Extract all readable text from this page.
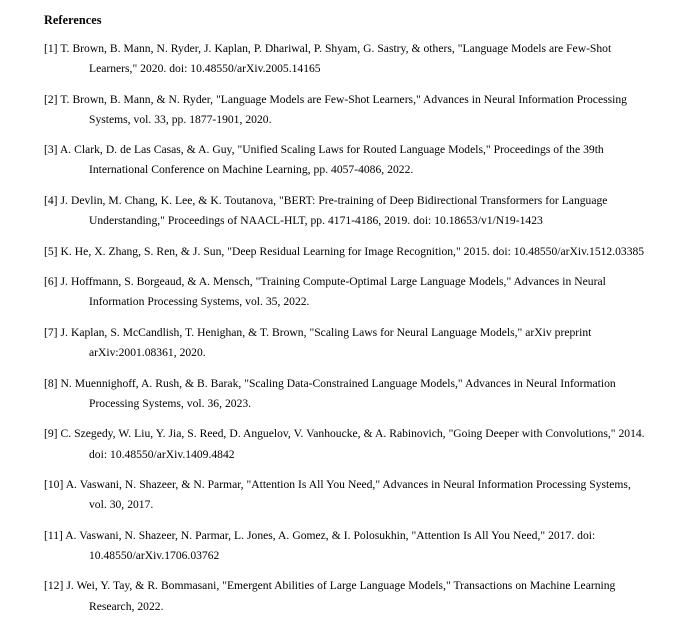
References
[1] T. Brown, B. Mann, N. Ryder, J. Kaplan, P. Dhariwal, P. Shyam, G. Sastry, & others, "Language Models are Few-Shot Learners," 2020. doi: 10.48550/arXiv.2005.14165
[2] T. Brown, B. Mann, & N. Ryder, "Language Models are Few-Shot Learners," Advances in Neural Information Processing Systems, vol. 33, pp. 1877-1901, 2020.
[3] A. Clark, D. de Las Casas, & A. Guy, "Unified Scaling Laws for Routed Language Models," Proceedings of the 39th International Conference on Machine Learning, pp. 4057-4086, 2022.
[4] J. Devlin, M. Chang, K. Lee, & K. Toutanova, "BERT: Pre-training of Deep Bidirectional Transformers for Language Understanding," Proceedings of NAACL-HLT, pp. 4171-4186, 2019. doi: 10.18653/v1/N19-1423
[5] K. He, X. Zhang, S. Ren, & J. Sun, "Deep Residual Learning for Image Recognition," 2015. doi: 10.48550/arXiv.1512.03385
[6] J. Hoffmann, S. Borgeaud, & A. Mensch, "Training Compute-Optimal Large Language Models," Advances in Neural Information Processing Systems, vol. 35, 2022.
[7] J. Kaplan, S. McCandlish, T. Henighan, & T. Brown, "Scaling Laws for Neural Language Models," arXiv preprint arXiv:2001.08361, 2020.
[8] N. Muennighoff, A. Rush, & B. Barak, "Scaling Data-Constrained Language Models," Advances in Neural Information Processing Systems, vol. 36, 2023.
[9] C. Szegedy, W. Liu, Y. Jia, S. Reed, D. Anguelov, V. Vanhoucke, & A. Rabinovich, "Going Deeper with Convolutions," 2014. doi: 10.48550/arXiv.1409.4842
[10] A. Vaswani, N. Shazeer, & N. Parmar, "Attention Is All You Need," Advances in Neural Information Processing Systems, vol. 30, 2017.
[11] A. Vaswani, N. Shazeer, N. Parmar, L. Jones, A. Gomez, & I. Polosukhin, "Attention Is All You Need," 2017. doi: 10.48550/arXiv.1706.03762
[12] J. Wei, Y. Tay, & R. Bommasani, "Emergent Abilities of Large Language Models," Transactions on Machine Learning Research, 2022.
